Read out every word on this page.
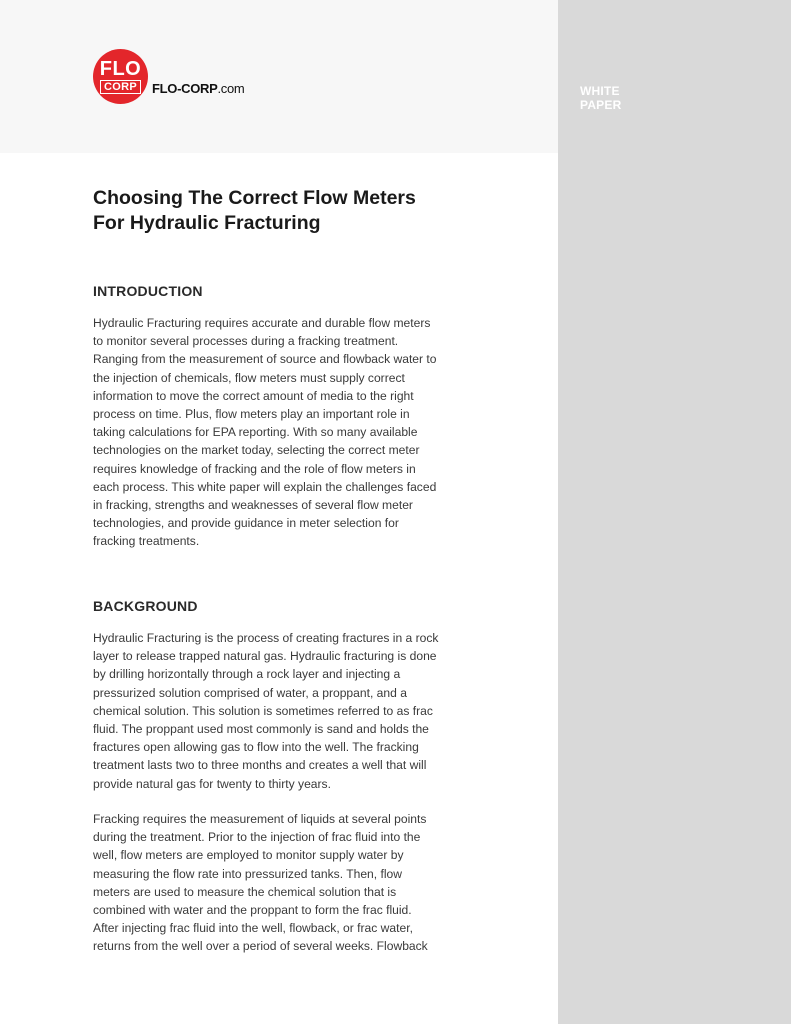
WHITE
PAPER
FLO
CORP	FLO-CORP.com
Choosing The Correct Flow Meters
For Hydraulic Fracturing
INTRODUCTION

Hydraulic Fracturing requires accurate and durable flow meters
to monitor several processes during a fracking treatment.
Ranging from the measurement of source and flowback water to
the injection of chemicals, flow meters must supply correct
information to move the correct amount of media to the right
process on time. Plus, flow meters play an important role in
taking calculations for EPA reporting. With so many available
technologies on the market today, selecting the correct meter
requires knowledge of fracking and the role of flow meters in
each process. This white paper will explain the challenges faced
in fracking, strengths and weaknesses of several flow meter
technologies, and provide guidance in meter selection for
fracking treatments.

BACKGROUND

Hydraulic Fracturing is the process of creating fractures in a rock
layer to release trapped natural gas. Hydraulic fracturing is done
by drilling horizontally through a rock layer and injecting a
pressurized solution comprised of water, a proppant, and a
chemical solution. This solution is sometimes referred to as frac
fluid. The proppant used most commonly is sand and holds the
fractures open allowing gas to flow into the well. The fracking
treatment lasts two to three months and creates a well that will
provide natural gas for twenty to thirty years.

Fracking requires the measurement of liquids at several points
during the treatment. Prior to the injection of frac fluid into the
well, flow meters are employed to monitor supply water by
measuring the flow rate into pressurized tanks. Then, flow
meters are used to measure the chemical solution that is
combined with water and the proppant to form the frac fluid.
After injecting frac fluid into the well, flowback, or frac water,
returns from the well over a period of several weeks. Flowback
